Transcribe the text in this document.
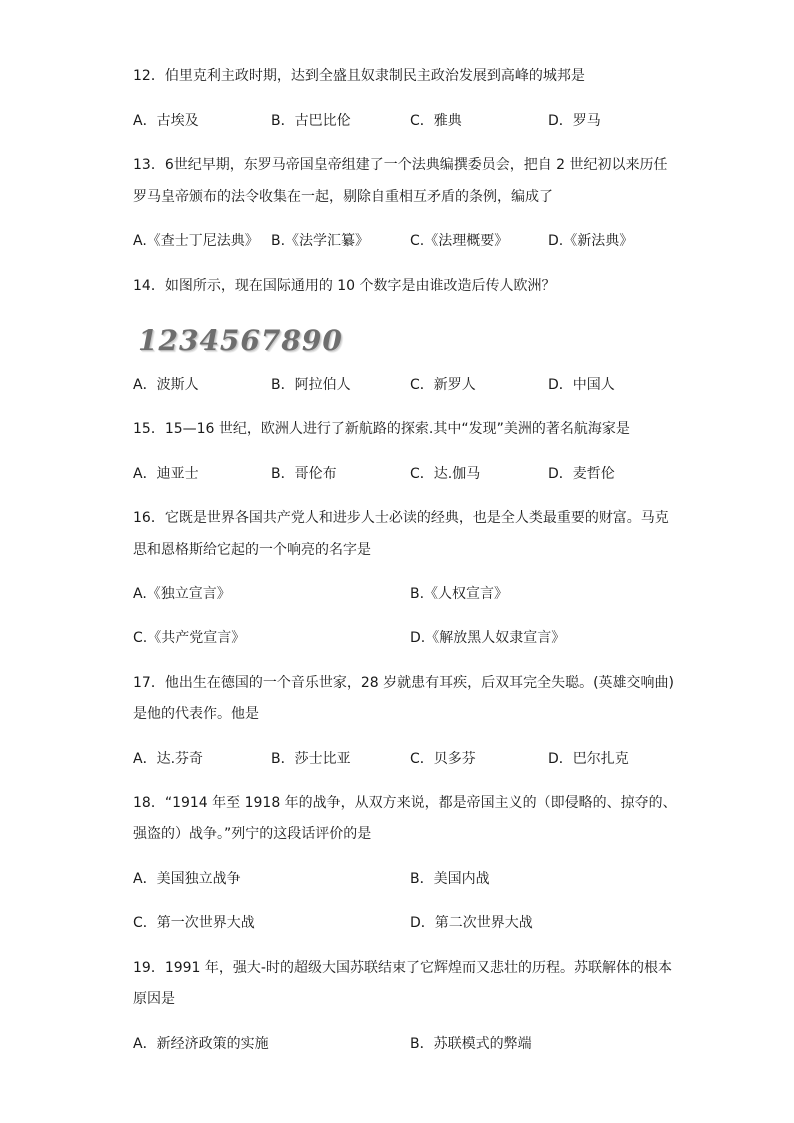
12．伯里克利主政时期，达到全盛且奴隶制民主政治发展到高峰的城邦是
A．古埃及	B．古巴比伦	C．雅典	D．罗马
13．6世纪早期，东罗马帝国皇帝组建了一个法典编撰委员会，把自 2 世纪初以来历任
罗马皇帝颁布的法令收集在一起，剔除自重相互矛盾的条例，编成了
A.《查士丁尼法典》 B.《法学汇纂》	C.《法理概要》	D.《新法典》
14．如图所示，现在国际通用的 10 个数字是由谁改造后传人欧洲？
1234567890
A．波斯人	B．阿拉伯人	C．新罗人	D．中国人
15．15—16 世纪，欧洲人进行了新航路的探索.其中“发现”美洲的著名航海家是
A．迪亚士	B．哥伦布	C．达.伽马	D．麦哲伦
16．它既是世界各国共产党人和进步人士必读的经典，也是全人类最重要的财富。马克
思和恩格斯给它起的一个响亮的名字是
A.《独立宣言》	B.《人权宣言》
C.《共产党宣言》	D.《解放黑人奴隶宣言》
17．他出生在德国的一个音乐世家，28 岁就患有耳疾，后双耳完全失聪。(英雄交响曲)
是他的代表作。他是
A．达.芬奇	B．莎士比亚	C．贝多芬	D．巴尔扎克
18．“1914 年至 1918 年的战争，从双方来说，都是帝国主义的（即侵略的、掠夺的、
强盗的）战争。”列宁的这段话评价的是
A．美国独立战争	B．美国内战
C．第一次世界大战	D．第二次世界大战
19．1991 年，强大-时的超级大国苏联结束了它辉煌而又悲壮的历程。苏联解体的根本
原因是
A．新经济政策的实施	B．苏联模式的弊端
